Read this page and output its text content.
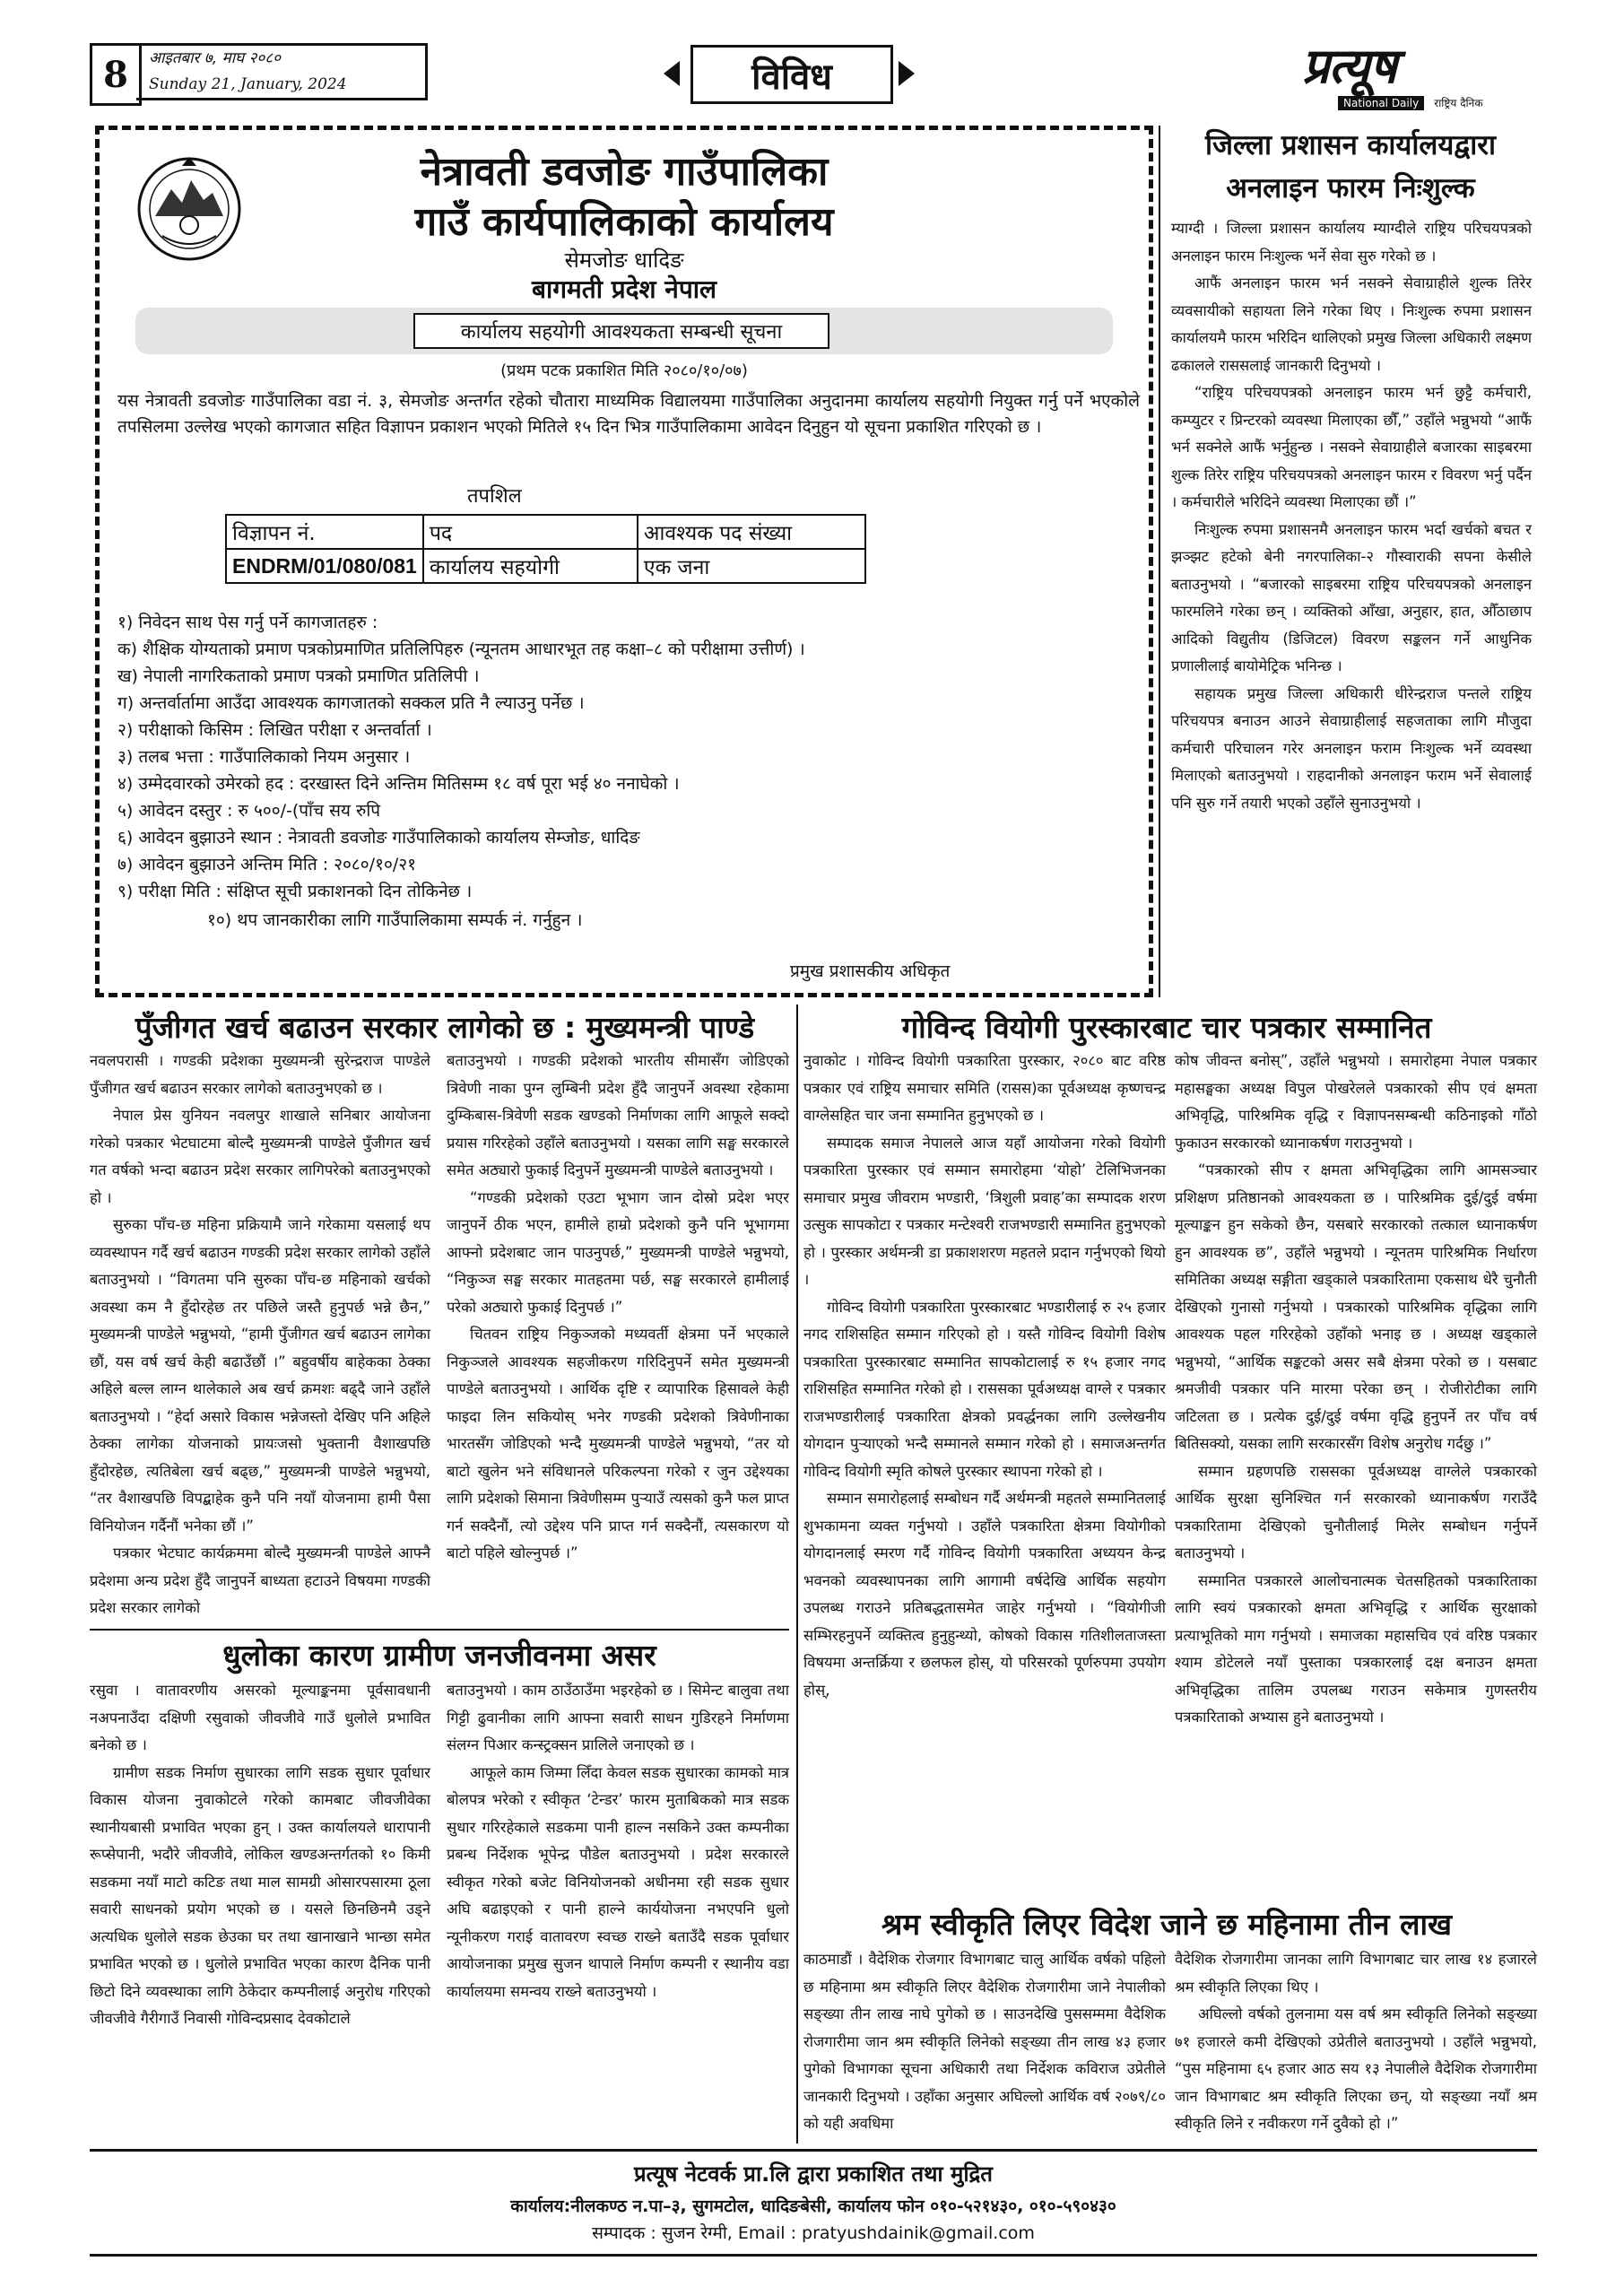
8	आइतबार ७, माघ २०८०
Sunday 21, January, 2024	विविध	प्रत्यूष
National Daily राष्ट्रिय दैनिक
नेत्रावती डवजोङ गाउँपालिका
गाउँ कार्यपालिकाको कार्यालय
सेमजोङ धादिङ
बागमती प्रदेश नेपाल
कार्यालय सहयोगी आवश्यकता सम्बन्धी सूचना
(प्रथम पटक प्रकाशित मिति २०८०/१०/०७)
यस नेत्रावती डवजोङ गाउँपालिका वडा नं. ३, सेमजोङ अन्तर्गत रहेको चौतारा माध्यमिक विद्यालयमा गाउँपालिका अनुदानमा कार्यालय सहयोगी नियुक्त गर्नु पर्ने भएकोले तपसिलमा उल्लेख भएको कागजात सहित विज्ञापन प्रकाशन भएको मितिले १५ दिन भित्र गाउँपालिकामा आवेदन दिनुहुन यो सूचना प्रकाशित गरिएको छ ।
तपशिल
विज्ञापन नं.	पद	आवश्यक पद संख्या
ENDRM/01/080/081	कार्यालय सहयोगी	एक जना
१) निवेदन साथ पेस गर्नु पर्ने कागजातहरु :
क) शैक्षिक योग्यताको प्रमाण पत्रकोप्रमाणित प्रतिलिपिहरु (न्यूनतम आधारभूत तह कक्षा–८ को परीक्षामा उत्तीर्ण) ।
ख) नेपाली नागरिकताको प्रमाण पत्रको प्रमाणित प्रतिलिपी ।
ग) अन्तर्वार्तामा आउँदा आवश्यक कागजातको सक्कल प्रति नै ल्याउनु पर्नेछ ।
२) परीक्षाको किसिम : लिखित परीक्षा र अन्तर्वार्ता ।
३) तलब भत्ता : गाउँपालिकाको नियम अनुसार ।
४) उम्मेदवारको उमेरको हद : दरखास्त दिने अन्तिम मितिसम्म १८ वर्ष पूरा भई ४० ननाघेको ।
५) आवेदन दस्तुर : रु ५००/-(पाँच सय रुपि
६) आवेदन बुझाउने स्थान : नेत्रावती डवजोङ गाउँपालिकाको कार्यालय सेम्जोङ, धादिङ
७) आवेदन बुझाउने अन्तिम मिति : २०८०/१०/२१
९) परीक्षा मिति : संक्षिप्त सूची प्रकाशनको दिन तोकिनेछ ।
१०) थप जानकारीका लागि गाउँपालिकामा सम्पर्क नं. गर्नुहुन ।
प्रमुख प्रशासकीय अधिकृत
जिल्ला प्रशासन कार्यालयद्वारा
अनलाइन फारम निःशुल्क

म्याग्दी । जिल्ला प्रशासन कार्यालय म्याग्दीले राष्ट्रिय परिचयपत्रको अनलाइन फारम निःशुल्क भर्ने सेवा सुरु गरेको छ ।

आफैं अनलाइन फारम भर्न नसक्ने सेवाग्राहीले शुल्क तिरेर व्यवसायीको सहायता लिने गरेका थिए । निःशुल्क रुपमा प्रशासन कार्यालयमै फारम भरिदिन थालिएको प्रमुख जिल्ला अधिकारी लक्ष्मण ढकालले राससलाई जानकारी दिनुभयो ।

“राष्ट्रिय परिचयपत्रको अनलाइन फारम भर्न छुट्टै कर्मचारी, कम्प्युटर र प्रिन्टरको व्यवस्था मिलाएका छौँ,” उहाँले भन्नुभयो “आफैं भर्न सक्नेले आफैं भर्नुहुन्छ । नसक्ने सेवाग्राहीले बजारका साइबरमा शुल्क तिरेर राष्ट्रिय परिचयपत्रको अनलाइन फारम र विवरण भर्नु पर्दैन । कर्मचारीले भरिदिने व्यवस्था मिलाएका छौं ।”

निःशुल्क रुपमा प्रशासनमै अनलाइन फारम भर्दा खर्चको बचत र झञ्झट हटेको बेनी नगरपालिका-२ गौस्वाराकी सपना केसीले बताउनुभयो । “बजारको साइबरमा राष्ट्रिय परिचयपत्रको अनलाइन फारमलिने गरेका छन् । व्यक्तिको आँखा, अनुहार, हात, औँठाछाप आदिको विद्युतीय (डिजिटल) विवरण सङ्कलन गर्ने आधुनिक प्रणालीलाई बायोमेट्रिक भनिन्छ ।

सहायक प्रमुख जिल्ला अधिकारी धीरेन्द्रराज पन्तले राष्ट्रिय परिचयपत्र बनाउन आउने सेवाग्राहीलाई सहजताका लागि मौजुदा कर्मचारी परिचालन गरेर अनलाइन फराम निःशुल्क भर्ने व्यवस्था मिलाएको बताउनुभयो । राहदानीको अनलाइन फराम भर्ने सेवालाई पनि सुरु गर्ने तयारी भएको उहाँले सुनाउनुभयो ।

पुँजीगत खर्च बढाउन सरकार लागेको छ : मुख्यमन्त्री पाण्डे

नवलपरासी । गण्डकी प्रदेशका मुख्यमन्त्री सुरेन्द्रराज पाण्डेले पुँजीगत खर्च बढाउन सरकार लागेको बताउनुभएको छ ।

नेपाल प्रेस युनियन नवलपुर शाखाले सनिबार आयोजना गरेको पत्रकार भेटघाटमा बोल्दै मुख्यमन्त्री पाण्डेले पुँजीगत खर्च गत वर्षको भन्दा बढाउन प्रदेश सरकार लागिपरेको बताउनुभएको हो ।

सुरुका पाँच-छ महिना प्रक्रियामै जाने गरेकामा यसलाई थप व्यवस्थापन गर्दै खर्च बढाउन गण्डकी प्रदेश सरकार लागेको उहाँले बताउनुभयो । “विगतमा पनि सुरुका पाँच-छ महिनाको खर्चको अवस्था कम नै हुँदोरहेछ तर पछिले जस्तै हुनुपर्छ भन्ने छैन,” मुख्यमन्त्री पाण्डेले भन्नुभयो, “हामी पुँजीगत खर्च बढाउन लागेका छौं, यस वर्ष खर्च केही बढाउँछौं ।” बहुवर्षीय बाहेकका ठेक्का अहिले बल्ल लाग्न थालेकाले अब खर्च क्रमशः बढ्दै जाने उहाँले बताउनुभयो । “हेर्दा असारे विकास भन्नेजस्तो देखिए पनि अहिले ठेक्का लागेका योजनाको प्रायःजसो भुक्तानी वैशाखपछि हुँदोरहेछ, त्यतिबेला खर्च बढ्छ,” मुख्यमन्त्री पाण्डेले भन्नुभयो, “तर वैशाखपछि विपद्बाहेक कुनै पनि नयाँ योजनामा हामी पैसा विनियोजन गर्दैनौं भनेका छौं ।”

पत्रकार भेटघाट कार्यक्रममा बोल्दै मुख्यमन्त्री पाण्डेले आफ्नै प्रदेशमा अन्य प्रदेश हुँदै जानुपर्ने बाध्यता हटाउने विषयमा गण्डकी प्रदेश सरकार लागेको

बताउनुभयो । गण्डकी प्रदेशको भारतीय सीमासँग जोडिएको त्रिवेणी नाका पुग्न लुम्बिनी प्रदेश हुँदै जानुपर्ने अवस्था रहेकामा दुम्किबास-त्रिवेणी सडक खण्डको निर्माणका लागि आफूले सक्दो प्रयास गरिरहेको उहाँले बताउनुभयो । यसका लागि सङ्घ सरकारले समेत अठ्यारो फुकाई दिनुपर्ने मुख्यमन्त्री पाण्डेले बताउनुभयो ।

“गण्डकी प्रदेशको एउटा भूभाग जान दोस्रो प्रदेश भएर जानुपर्ने ठीक भएन, हामीले हाम्रो प्रदेशको कुनै पनि भूभागमा आफ्नो प्रदेशबाट जान पाउनुपर्छ,” मुख्यमन्त्री पाण्डेले भन्नुभयो, “निकुञ्ज सङ्घ सरकार मातहतमा पर्छ, सङ्घ सरकारले हामीलाई परेको अठ्यारो फुकाई दिनुपर्छ ।”

चितवन राष्ट्रिय निकुञ्जको मध्यवर्ती क्षेत्रमा पर्ने भएकाले निकुञ्जले आवश्यक सहजीकरण गरिदिनुपर्ने समेत मुख्यमन्त्री पाण्डेले बताउनुभयो । आर्थिक दृष्टि र व्यापारिक हिसावले केही फाइदा लिन सकियोस् भनेर गण्डकी प्रदेशको त्रिवेणीनाका भारतसँग जोडिएको भन्दै मुख्यमन्त्री पाण्डेले भन्नुभयो, “तर यो बाटो खुलेन भने संविधानले परिकल्पना गरेको र जुन उद्देश्यका लागि प्रदेशको सिमाना त्रिवेणीसम्म पुऱ्याउँ त्यसको कुनै फल प्राप्त गर्न सक्दैनौं, त्यो उद्देश्य पनि प्राप्त गर्न सक्दैनौं, त्यसकारण यो बाटो पहिले खोल्नुपर्छ ।”

धुलोका कारण ग्रामीण जनजीवनमा असर

रसुवा । वातावरणीय असरको मूल्याङ्कनमा पूर्वसावधानी नअपनाउँदा दक्षिणी रसुवाको जीवजीवे गाउँ धुलोले प्रभावित बनेको छ ।

ग्रामीण सडक निर्माण सुधारका लागि सडक सुधार पूर्वाधार विकास योजना नुवाकोटले गरेको कामबाट जीवजीवेका स्थानीयबासी प्रभावित भएका हुन् । उक्त कार्यालयले धारापानी रूप्सेपानी, भदौरे जीवजीवे, लोकिल खण्डअन्तर्गतको १० किमी सडकमा नयाँ माटो कटिङ तथा माल सामग्री ओसारपसारमा ठूला सवारी साधनको प्रयोग भएको छ । यसले छिनछिनमै उड्ने अत्यधिक धुलोले सडक छेउका घर तथा खानाखाने भान्छा समेत प्रभावित भएको छ । धुलोले प्रभावित भएका कारण दैनिक पानी छिटो दिने व्यवस्थाका लागि ठेकेदार कम्पनीलाई अनुरोध गरिएको जीवजीवे गैरीगाउँ निवासी गोविन्दप्रसाद देवकोटाले

बताउनुभयो । काम ठाउँठाउँमा भइरहेको छ । सिमेन्ट बालुवा तथा गिट्टी ढुवानीका लागि आफ्ना सवारी साधन गुडिरहने निर्माणमा संलग्न पिआर कन्स्ट्रक्सन प्रालिले जनाएको छ ।

आफूले काम जिम्मा लिँदा केवल सडक सुधारका कामको मात्र बोलपत्र भरेको र स्वीकृत ‘टेन्डर’ फारम मुताबिकको मात्र सडक सुधार गरिरहेकाले सडकमा पानी हाल्न नसकिने उक्त कम्पनीका प्रबन्ध निर्देशक भूपेन्द्र पौडेल बताउनुभयो । प्रदेश सरकारले स्वीकृत गरेको बजेट विनियोजनको अधीनमा रही सडक सुधार अघि बढाइएको र पानी हाल्ने कार्ययोजना नभएपनि धुलो न्यूनीकरण गराई वातावरण स्वच्छ राख्ने बताउँदै सडक पूर्वाधार आयोजनाका प्रमुख सुजन थापाले निर्माण कम्पनी र स्थानीय वडा कार्यालयमा समन्वय राख्ने बताउनुभयो ।

गोविन्द वियोगी पुरस्कारबाट चार पत्रकार सम्मानित

नुवाकोट । गोविन्द वियोगी पत्रकारिता पुरस्कार, २०८० बाट वरिष्ठ पत्रकार एवं राष्ट्रिय समाचार समिति (रासस)का पूर्वअध्यक्ष कृष्णचन्द्र वाग्लेसहित चार जना सम्मानित हुनुभएको छ ।

सम्पादक समाज नेपालले आज यहाँ आयोजना गरेको वियोगी पत्रकारिता पुरस्कार एवं सम्मान समारोहमा ‘योहो’ टेलिभिजनका समाचार प्रमुख जीवराम भण्डारी, ‘त्रिशुली प्रवाह’का सम्पादक शरण उत्सुक सापकोटा र पत्रकार मन्टेश्वरी राजभण्डारी सम्मानित हुनुभएको हो । पुरस्कार अर्थमन्त्री डा प्रकाशशरण महतले प्रदान गर्नुभएको थियो ।

गोविन्द वियोगी पत्रकारिता पुरस्कारबाट भण्डारीलाई रु २५ हजार नगद राशिसहित सम्मान गरिएको हो । यस्तै गोविन्द वियोगी विशेष पत्रकारिता पुरस्कारबाट सम्मानित सापकोटालाई रु १५ हजार नगद राशिसहित सम्मानित गरेको हो । राससका पूर्वअध्यक्ष वाग्ले र पत्रकार राजभण्डारीलाई पत्रकारिता क्षेत्रको प्रवर्द्धनका लागि उल्लेखनीय योगदान पुऱ्याएको भन्दै सम्मानले सम्मान गरेको हो । समाजअन्तर्गत गोविन्द वियोगी स्मृति कोषले पुरस्कार स्थापना गरेको हो ।

सम्मान समारोहलाई सम्बोधन गर्दै अर्थमन्त्री महतले सम्मानितलाई शुभकामना व्यक्त गर्नुभयो । उहाँले पत्रकारिता क्षेत्रमा वियोगीको योगदानलाई स्मरण गर्दै गोविन्द वियोगी पत्रकारिता अध्ययन केन्द्र भवनको व्यवस्थापनका लागि आगामी वर्षदेखि आर्थिक सहयोग उपलब्ध गराउने प्रतिबद्धतासमेत जाहेर गर्नुभयो । “वियोगीजी सम्भिरहनुपर्ने व्यक्तित्व हुनुहुन्थ्यो, कोषको विकास गतिशीलताजस्ता विषयमा अन्तर्क्रिया र छलफल होस्, यो परिसरको पूर्णरुपमा उपयोग होस्,

कोष जीवन्त बनोस्”, उहाँले भन्नुभयो । समारोहमा नेपाल पत्रकार महासङ्घका अध्यक्ष विपुल पोखरेलले पत्रकारको सीप एवं क्षमता अभिवृद्धि, पारिश्रमिक वृद्धि र विज्ञापनसम्बन्धी कठिनाइको गाँठो फुकाउन सरकारको ध्यानाकर्षण गराउनुभयो ।

“पत्रकारको सीप र क्षमता अभिवृद्धिका लागि आमसञ्चार प्रशिक्षण प्रतिष्ठानको आवश्यकता छ । पारिश्रमिक दुई/दुई वर्षमा मूल्याङ्कन हुन सकेको छैन, यसबारे सरकारको तत्काल ध्यानाकर्षण हुन आवश्यक छ”, उहाँले भन्नुभयो । न्यूनतम पारिश्रमिक निर्धारण समितिका अध्यक्ष सङ्गीता खड्काले पत्रकारितामा एकसाथ धेरै चुनौती देखिएको गुनासो गर्नुभयो । पत्रकारको पारिश्रमिक वृद्धिका लागि आवश्यक पहल गरिरहेको उहाँको भनाइ छ । अध्यक्ष खड्काले भन्नुभयो, “आर्थिक सङ्कटको असर सबै क्षेत्रमा परेको छ । यसबाट श्रमजीवी पत्रकार पनि मारमा परेका छन् । रोजीरोटीका लागि जटिलता छ । प्रत्येक दुई/दुई वर्षमा वृद्धि हुनुपर्ने तर पाँच वर्ष बितिसक्यो, यसका लागि सरकारसँग विशेष अनुरोध गर्दछु ।”

सम्मान ग्रहणपछि राससका पूर्वअध्यक्ष वाग्लेले पत्रकारको आर्थिक सुरक्षा सुनिश्चित गर्न सरकारको ध्यानाकर्षण गराउँदै पत्रकारितामा देखिएको चुनौतीलाई मिलेर सम्बोधन गर्नुपर्ने बताउनुभयो ।

सम्मानित पत्रकारले आलोचनात्मक चेतसहितको पत्रकारिताका लागि स्वयं पत्रकारको क्षमता अभिवृद्धि र आर्थिक सुरक्षाको प्रत्याभूतिको माग गर्नुभयो । समाजका महासचिव एवं वरिष्ठ पत्रकार श्याम डोटेलले नयाँ पुस्ताका पत्रकारलाई दक्ष बनाउन क्षमता अभिवृद्धिका तालिम उपलब्ध गराउन सकेमात्र गुणस्तरीय पत्रकारिताको अभ्यास हुने बताउनुभयो ।

श्रम स्वीकृति लिएर विदेश जाने छ महिनामा तीन लाख

काठमाडौं । वैदेशिक रोजगार विभागबाट चालु आर्थिक वर्षको पहिलो छ महिनामा श्रम स्वीकृति लिएर वैदेशिक रोजगारीमा जाने नेपालीको सङ्ख्या तीन लाख नाघे पुगेको छ । साउनदेखि पुससम्ममा वैदेशिक रोजगारीमा जान श्रम स्वीकृति लिनेको सङ्ख्या तीन लाख ४३ हजार पुगेको विभागका सूचना अधिकारी तथा निर्देशक कविराज उप्रेतीले जानकारी दिनुभयो । उहाँका अनुसार अघिल्लो आर्थिक वर्ष २०७९/८० को यही अवधिमा

वैदेशिक रोजगारीमा जानका लागि विभागबाट चार लाख १४ हजारले श्रम स्वीकृति लिएका थिए ।

अघिल्लो वर्षको तुलनामा यस वर्ष श्रम स्वीकृति लिनेको सङ्ख्या ७१ हजारले कमी देखिएको उप्रेतीले बताउनुभयो । उहाँले भन्नुभयो, “पुस महिनामा ६५ हजार आठ सय १३ नेपालीले वैदेशिक रोजगारीमा जान विभागबाट श्रम स्वीकृति लिएका छन्, यो सङ्ख्या नयाँ श्रम स्वीकृति लिने र नवीकरण गर्ने दुवैको हो ।”

प्रत्यूष नेटवर्क प्रा.लि द्वारा प्रकाशित तथा मुद्रित
कार्यालय:नीलकण्ठ न.पा–३, सुगमटोल, धादिङबेसी, कार्यालय फोन ०१०-५२१४३०, ०१०-५९०४३०
सम्पादक : सुजन रेग्मी, Email : pratyushdainik@gmail.com
